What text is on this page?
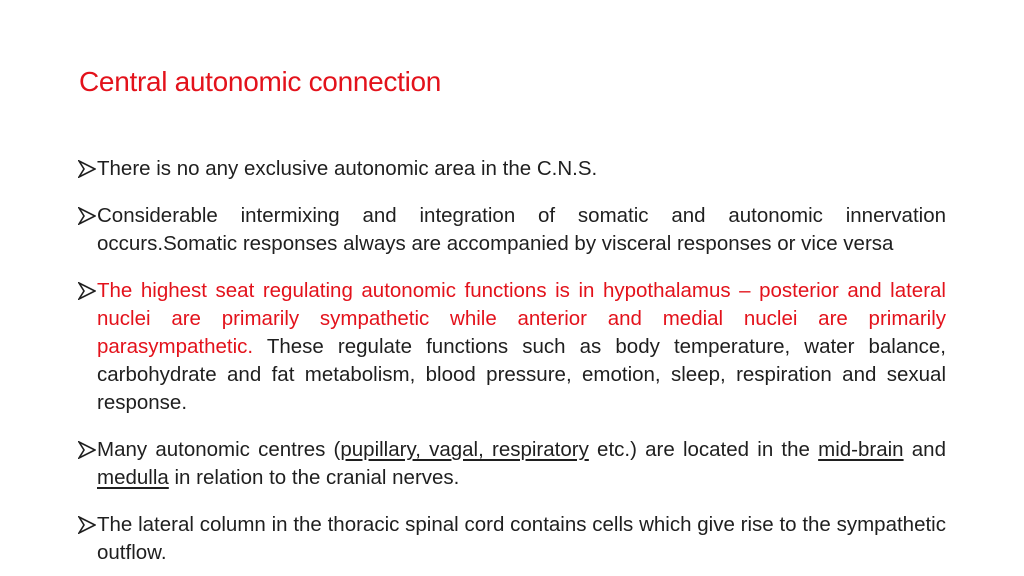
Central autonomic connection
There is no any exclusive autonomic area in the C.N.S.
Considerable intermixing and integration of somatic and autonomic innervation occurs.Somatic responses always are accompanied by visceral responses or vice versa
The highest seat regulating autonomic functions is in hypothalamus – posterior and lateral nuclei are primarily sympathetic while anterior and medial nuclei are primarily parasympathetic. These regulate functions such as body temperature, water balance, carbohydrate and fat metabolism, blood pressure, emotion, sleep, respiration and sexual response.
Many autonomic centres (pupillary, vagal, respiratory etc.) are located in the mid-brain and medulla in relation to the cranial nerves.
The lateral column in the thoracic spinal cord contains cells which give rise to the sympathetic outflow.
